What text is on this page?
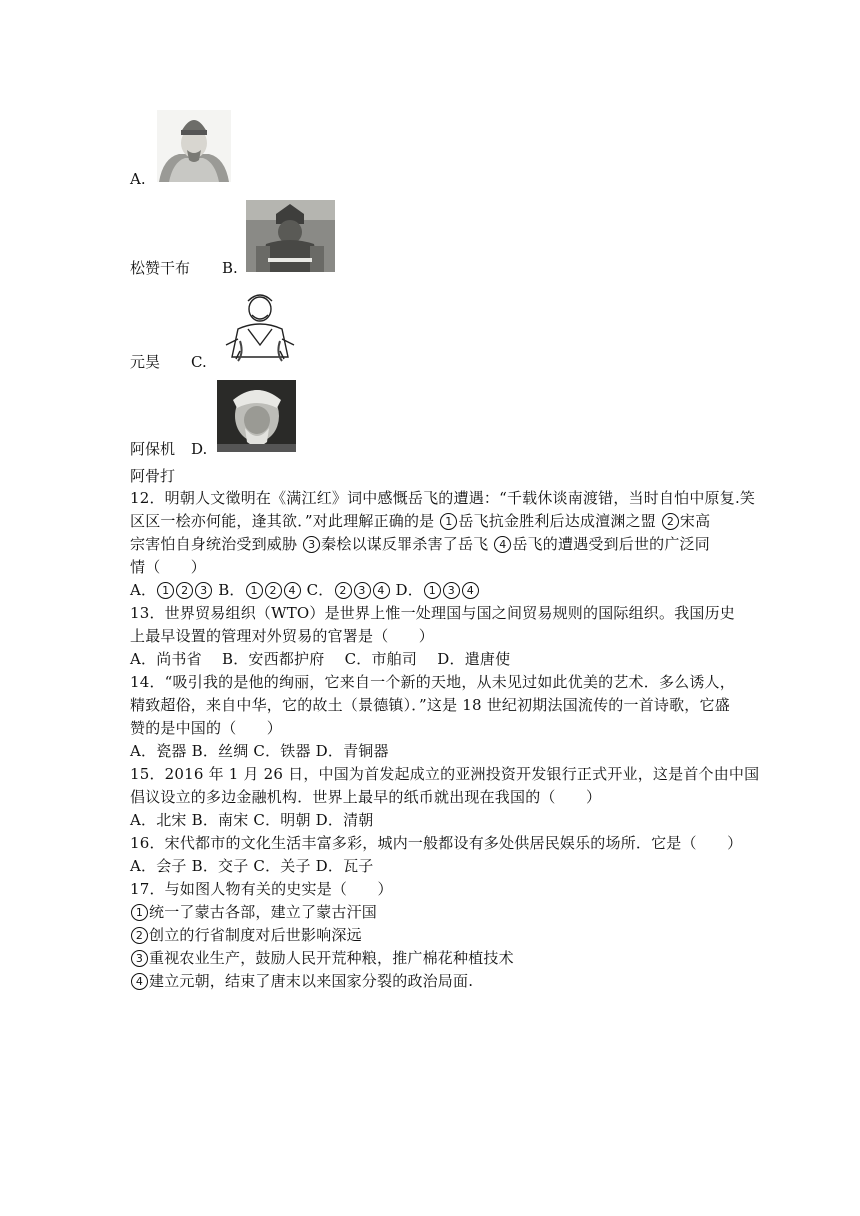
A.
松赞干布 B.
元昊 C.
阿保机 D.
阿骨打
12．明朝人文徵明在《满江红》词中感慨岳飞的遭遇：“千载休谈南渡错，当时自怕中原复.笑
区区一桧亦何能，逢其欲．”对此理解正确的是 1 岳飞抗金胜利后达成澶渊之盟 2 宋高
宗害怕自身统治受到威胁 3 秦桧以谋反罪杀害了岳飞 4 岳飞的遭遇受到后世的广泛同
情（　　）
A． 1 2 3 B． 1 2 4 C． 2 3 4 D． 1 3 4
13．世界贸易组织（WTO）是世界上惟一处理国与国之间贸易规则的国际组织。我国历史
上最早设置的管理对外贸易的官署是（　　）
A．尚书省　 B．安西都护府　 C．市舶司　 D．遣唐使
14．“吸引我的是他的绚丽，它来自一个新的天地，从未见过如此优美的艺术．多么诱人，
精致超俗，来自中华，它的故土（景德镇）．”这是 18 世纪初期法国流传的一首诗歌，它盛
赞的是中国的（　　）
A．瓷器 B．丝绸 C．铁器 D．青铜器
15．2016 年 1 月 26 日，中国为首发起成立的亚洲投资开发银行正式开业，这是首个由中国
倡议设立的多边金融机构．世界上最早的纸币就出现在我国的（　　）
A．北宋 B．南宋 C．明朝 D．清朝
16．宋代都市的文化生活丰富多彩，城内一般都设有多处供居民娱乐的场所．它是（　　）
A．会子 B．交子 C．关子 D．瓦子
17．与如图人物有关的史实是（　　）
1 统一了蒙古各部，建立了蒙古汗国
2 创立的行省制度对后世影响深远
3 重视农业生产，鼓励人民开荒种粮，推广棉花种植技术
4 建立元朝，结束了唐末以来国家分裂的政治局面.
